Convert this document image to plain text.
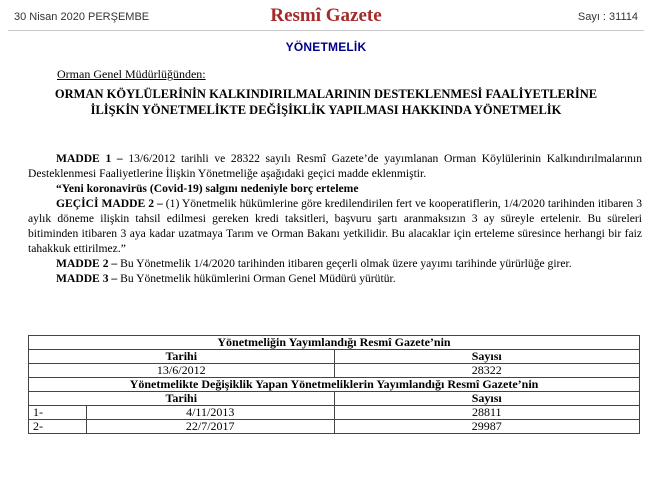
30 Nisan 2020 PERŞEMBE	Resmî Gazete	Sayı : 31114
YÖNETMELİK
Orman Genel Müdürlüğünden:
ORMAN KÖYLÜLERİNİN KALKINDIRILMALARININ DESTEKLENMESİ FAALİYETLERİNE İLİŞKİN YÖNETMELİKTE DEĞİŞİKLİK YAPILMASI HAKKINDA YÖNETMELİK

MADDE 1 – 13/6/2012 tarihli ve 28322 sayılı Resmî Gazete’de yayımlanan Orman Köylülerinin Kalkındırılmalarının Desteklenmesi Faaliyetlerine İlişkin Yönetmeliğe aşağıdaki geçici madde eklenmiştir.

“Yeni koronavirüs (Covid-19) salgını nedeniyle borç erteleme

GEÇİCİ MADDE 2 – (1) Yönetmelik hükümlerine göre kredilendirilen fert ve kooperatiflerin, 1/4/2020 tarihinden itibaren 3 aylık döneme ilişkin tahsil edilmesi gereken kredi taksitleri, başvuru şartı aranmaksızın 3 ay süreyle ertelenir. Bu süreleri bitiminden itibaren 3 aya kadar uzatmaya Tarım ve Orman Bakanı yetkilidir. Bu alacaklar için erteleme süresince herhangi bir faiz tahakkuk ettirilmez.”

MADDE 2 – Bu Yönetmelik 1/4/2020 tarihinden itibaren geçerli olmak üzere yayımı tarihinde yürürlüğe girer.

MADDE 3 – Bu Yönetmelik hükümlerini Orman Genel Müdürü yürütür.

Yönetmeliğin Yayımlandığı Resmî Gazete’nin		
Tarihi		Sayısı
13/6/2012		28322
Yönetmelikte Değişiklik Yapan Yönetmeliklerin Yayımlandığı Resmî Gazete’nin		
Tarihi		Sayısı
1-	4/11/2013	28811
2-	22/7/2017	29987
